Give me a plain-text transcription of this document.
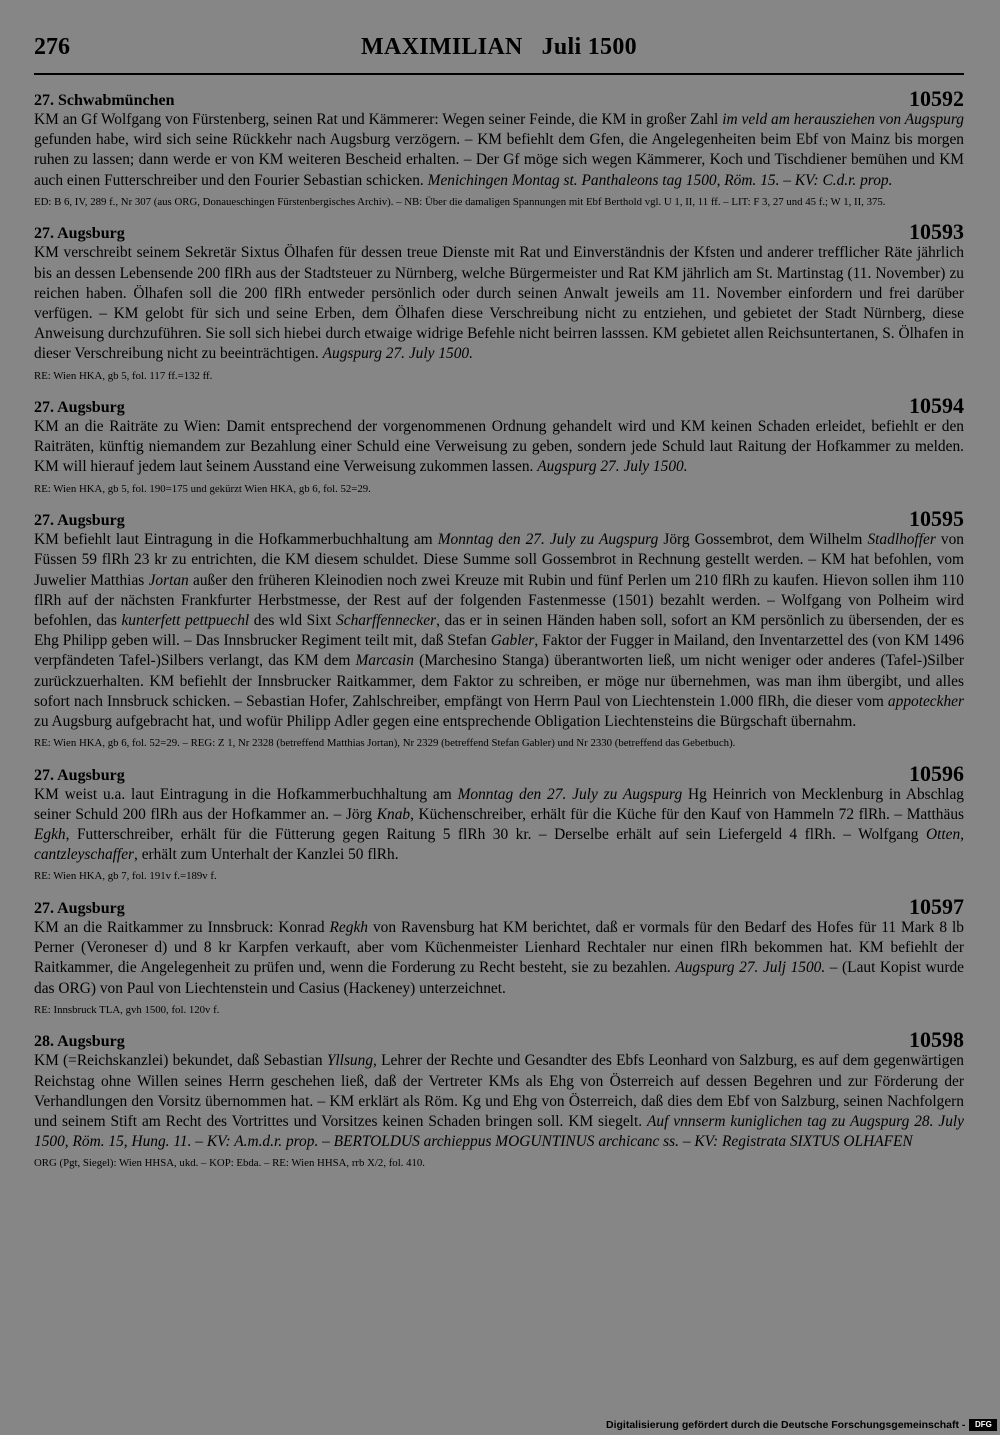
276	MAXIMILIAN   Juli 1500
27. Schwabmünchen	10592

KM an Gf Wolfgang von Fürstenberg, seinen Rat und Kämmerer: Wegen seiner Feinde, die KM in großer Zahl im veld am herausziehen von Augspurg gefunden habe, wird sich seine Rückkehr nach Augsburg verzögern. – KM befiehlt dem Gfen, die Angelegenheiten beim Ebf von Mainz bis morgen ruhen zu lassen; dann werde er von KM weiteren Bescheid erhalten. – Der Gf möge sich wegen Kämmerer, Koch und Tischdiener bemühen und KM auch einen Futterschreiber und den Fourier Sebastian schicken. Menichingen Montag st. Panthaleons tag 1500, Röm. 15. – KV: C.d.r. prop.

ED: B 6, IV, 289 f., Nr 307 (aus ORG, Donaueschingen Fürstenbergisches Archiv). – NB: Über die damaligen Spannungen mit Ebf Berthold vgl. U 1, II, 11 ff. – LIT: F 3, 27 und 45 f.; W 1, II, 375.
27. Augsburg	10593

KM verschreibt seinem Sekretär Sixtus Ölhafen für dessen treue Dienste mit Rat und Einverständnis der Kfsten und anderer trefflicher Räte jährlich bis an dessen Lebensende 200 flRh aus der Stadtsteuer zu Nürnberg, welche Bürgermeister und Rat KM jährlich am St. Martinstag (11. November) zu reichen haben. Ölhafen soll die 200 flRh entweder persönlich oder durch seinen Anwalt jeweils am 11. November einfordern und frei darüber verfügen. – KM gelobt für sich und seine Erben, dem Ölhafen diese Verschreibung nicht zu entziehen, und gebietet der Stadt Nürnberg, diese Anweisung durchzuführen. Sie soll sich hiebei durch etwaige widrige Befehle nicht beirren lasssen. KM gebietet allen Reichsuntertanen, S. Ölhafen in dieser Verschreibung nicht zu beeinträchtigen. Augspurg 27. July 1500.

RE: Wien HKA, gb 5, fol. 117 ff.=132 ff.
27. Augsburg	10594

KM an die Raiträte zu Wien: Damit entsprechend der vorgenommenen Ordnung gehandelt wird und KM keinen Schaden erleidet, befiehlt er den Raiträten, künftig niemandem zur Bezahlung einer Schuld eine Verweisung zu geben, sondern jede Schuld laut Raitung der Hofkammer zu melden. KM will hierauf jedem laut seinem Ausstand eine Verweisung zukommen lassen. Augspurg 27. July 1500.

RE: Wien HKA, gb 5, fol. 190=175 und gekürzt Wien HKA, gb 6, fol. 52=29.
27. Augsburg	10595

KM befiehlt laut Eintragung in die Hofkammerbuchhaltung am Monntag den 27. July zu Augspurg Jörg Gossembrot, dem Wilhelm Stadlhoffer von Füssen 59 flRh 23 kr zu entrichten, die KM diesem schuldet. Diese Summe soll Gossembrot in Rechnung gestellt werden. – KM hat befohlen, vom Juwelier Matthias Jortan außer den früheren Kleinodien noch zwei Kreuze mit Rubin und fünf Perlen um 210 flRh zu kaufen. Hievon sollen ihm 110 flRh auf der nächsten Frankfurter Herbstmesse, der Rest auf der folgenden Fastenmesse (1501) bezahlt werden. – Wolfgang von Polheim wird befohlen, das kunterfett pettpuechl des wld Sixt Scharffennecker, das er in seinen Händen haben soll, sofort an KM persönlich zu übersenden, der es Ehg Philipp geben will. – Das Innsbrucker Regiment teilt mit, daß Stefan Gabler, Faktor der Fugger in Mailand, den Inventarzettel des (von KM 1496 verpfändeten Tafel-)Silbers verlangt, das KM dem Marcasin (Marchesino Stanga) überantworten ließ, um nicht weniger oder anderes (Tafel-)Silber zurückzuerhalten. KM befiehlt der Innsbrucker Raitkammer, dem Faktor zu schreiben, er möge nur übernehmen, was man ihm übergibt, und alles sofort nach Innsbruck schicken. – Sebastian Hofer, Zahlschreiber, empfängt von Herrn Paul von Liechtenstein 1.000 flRh, die dieser vom appoteckher zu Augsburg aufgebracht hat, und wofür Philipp Adler gegen eine entsprechende Obligation Liechtensteins die Bürgschaft übernahm.

RE: Wien HKA, gb 6, fol. 52=29. – REG: Z 1, Nr 2328 (betreffend Matthias Jortan), Nr 2329 (betreffend Stefan Gabler) und Nr 2330 (betreffend das Gebetbuch).
27. Augsburg	10596

KM weist u.a. laut Eintragung in die Hofkammerbuchhaltung am Monntag den 27. July zu Augspurg Hg Heinrich von Mecklenburg in Abschlag seiner Schuld 200 flRh aus der Hofkammer an. – Jörg Knab, Küchenschreiber, erhält für die Küche für den Kauf von Hammeln 72 flRh. – Matthäus Egkh, Futterschreiber, erhält für die Fütterung gegen Raitung 5 flRh 30 kr. – Derselbe erhält auf sein Liefergeld 4 flRh. – Wolfgang Otten, cantzleyschaffer, erhält zum Unterhalt der Kanzlei 50 flRh.

RE: Wien HKA, gb 7, fol. 191v f.=189v f.
27. Augsburg	10597

KM an die Raitkammer zu Innsbruck: Konrad Regkh von Ravensburg hat KM berichtet, daß er vormals für den Bedarf des Hofes für 11 Mark 8 lb Perner (Veroneser d) und 8 kr Karpfen verkauft, aber vom Küchenmeister Lienhard Rechtaler nur einen flRh bekommen hat. KM befiehlt der Raitkammer, die Angelegenheit zu prüfen und, wenn die Forderung zu Recht besteht, sie zu bezahlen. Augspurg 27. Julj 1500. – (Laut Kopist wurde das ORG) von Paul von Liechtenstein und Casius (Hackeney) unterzeichnet.

RE: Innsbruck TLA, gvh 1500, fol. 120v f.
28. Augsburg	10598

KM (=Reichskanzlei) bekundet, daß Sebastian Yllsung, Lehrer der Rechte und Gesandter des Ebfs Leonhard von Salzburg, es auf dem gegenwärtigen Reichstag ohne Willen seines Herrn geschehen ließ, daß der Vertreter KMs als Ehg von Österreich auf dessen Begehren und zur Förderung der Verhandlungen den Vorsitz übernommen hat. – KM erklärt als Röm. Kg und Ehg von Österreich, daß dies dem Ebf von Salzburg, seinen Nachfolgern und seinem Stift am Recht des Vortrittes und Vorsitzes keinen Schaden bringen soll. KM siegelt. Auf vnnserm kuniglichen tag zu Augspurg 28. July 1500, Röm. 15, Hung. 11. – KV: A.m.d.r. prop. – BERTOLDUS archieppus MOGUNTINUS archicanc ss. – KV: Registrata SIXTUS OLHAFEN

ORG (Pgt, Siegel): Wien HHSA, ukd. – KOP: Ebda. – RE: Wien HHSA, rrb X/2, fol. 410.
Digitalisierung gefördert durch die Deutsche Forschungsgemeinschaft -	DFG
